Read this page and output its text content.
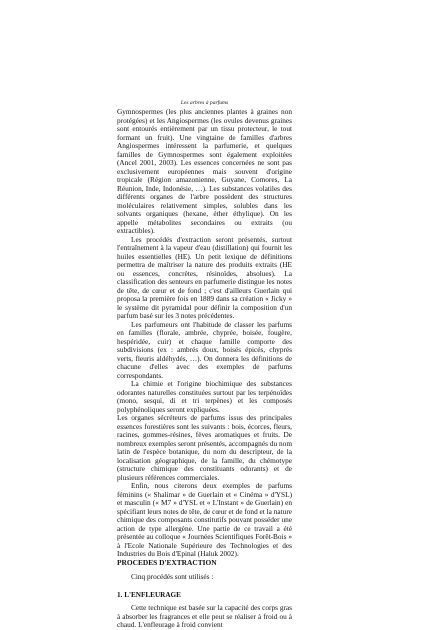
Les arbres à parfums

Gymnospermes (les plus anciennes plantes à graines non protégées) et les Angiospermes (les ovules devenus graines sont entourés entièrement par un tissu protecteur, le tout formant un fruit). Une vingtaine de familles d'arbres Angiospermes intéressent la parfumerie, et quelques familles de Gymnospermes sont également exploitées (Ancel 2001, 2003). Les essences concernées ne sont pas exclusivement européennes mais souvent d'origine tropicale (Région amazonienne, Guyane, Comores, La Réunion, Inde, Indonésie, …). Les substances volatiles des différents organes de l'arbre possèdent des structures moléculaires relativement simples, solubles dans les solvants organiques (hexane, éther éthylique). On les appelle métabolites secondaires ou extraits (ou extractibles).

Les procédés d'extraction seront présentés, surtout l'entraînement à la vapeur d'eau (distillation) qui fournit les huiles essentielles (HE). Un petit lexique de définitions permettra de maîtriser la nature des produits extraits (HE ou essences, concrètes, résinoïdes, absolues). La classification des senteurs en parfumerie distingue les notes de tête, de cœur et de fond ; c'est d'ailleurs Guerlain qui proposa la première fois en 1889 dans sa création « Jicky » le système dit pyramidal pour définir la composition d'un parfum basé sur les 3 notes précédentes.

Les parfumeurs ont l'habitude de classer les parfums en familles (florale, ambrée, chyprée, boisée, fougère, hespéridée, cuir) et chaque famille comporte des subdivisions (ex : ambrés doux, boisés épicés, chyprés verts, fleuris aldéhydés, …). On donnera les définitions de chacune d'elles avec des exemples de parfums correspondants.

La chimie et l'origine biochimique des substances odorantes naturelles constituées surtout par les terpénoïdes (mono, sesqui, di et tri terpènes) et les composés polyphénoliques seront expliquées.

Les organes sécréteurs de parfums issus des principales essences forestières sont les suivants : bois, écorces, fleurs, racines, gommes-résines, fèves aromatiques et fruits. De nombreux exemples seront présentés, accompagnés du nom latin de l'espèce botanique, du nom du descripteur, de la localisation géographique, de la famille, du chémotype (structure chimique des constituants odorants) et de plusieurs références commerciales.

Enfin, nous citerons deux exemples de parfums féminins (« Shalimar » de Guerlain et « Cinéma » d'YSL) et masculin (« M7 » d'YSL et « L'Instant » de Guerlain) en spécifiant leurs notes de tête, de cœur et de fond et la nature chimique des composants constitutifs pouvant posséder une action de type allergène. Une partie de ce travail a été présentée au colloque « Journées Scientifiques Forêt-Bois » à l'Ecole Nationale Supérieure des Technologies et des Industries du Bois d'Epinal (Haluk 2002).

PROCEDES D'EXTRACTION

Cinq procédés sont utilisés :

1. L'ENFLEURAGE

Cette technique est basée sur la capacité des corps gras à absorber les fragrances et elle peut se réaliser à froid ou à chaud. L'enfleurage à froid convient
